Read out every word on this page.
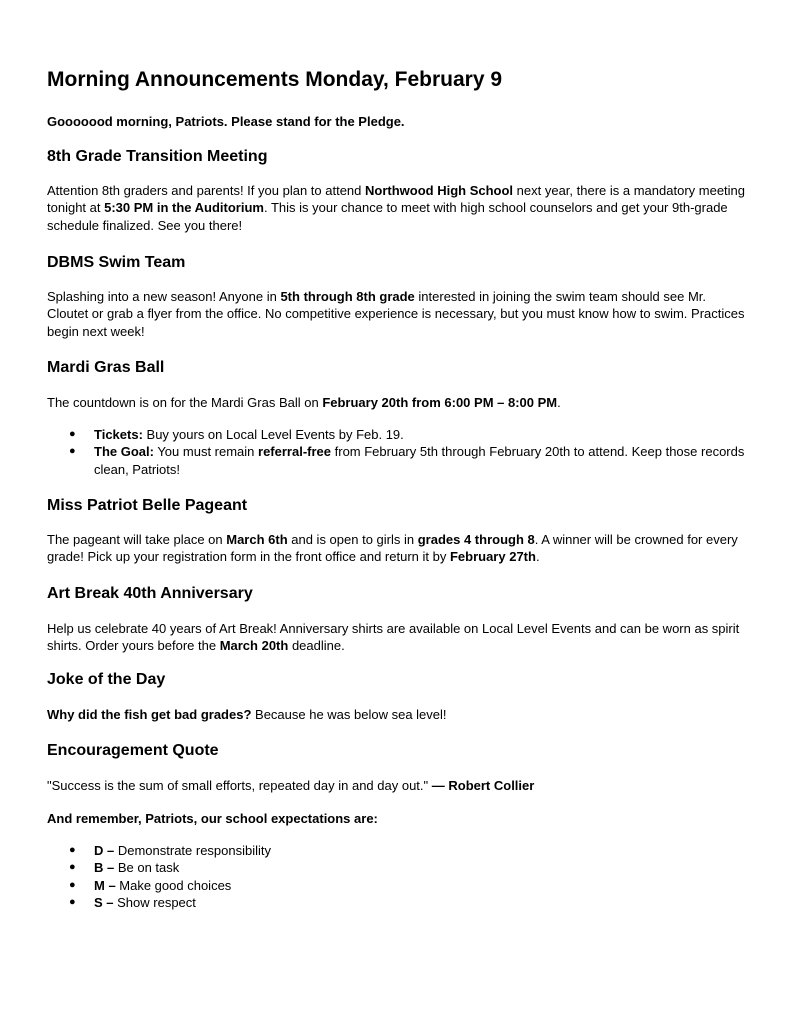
Morning Announcements Monday, February 9

Gooooood morning, Patriots. Please stand for the Pledge.

8th Grade Transition Meeting

Attention 8th graders and parents! If you plan to attend Northwood High School next year, there is a mandatory meeting tonight at 5:30 PM in the Auditorium. This is your chance to meet with high school counselors and get your 9th-grade schedule finalized. See you there!

DBMS Swim Team

Splashing into a new season! Anyone in 5th through 8th grade interested in joining the swim team should see Mr. Cloutet or grab a flyer from the office. No competitive experience is necessary, but you must know how to swim. Practices begin next week!

Mardi Gras Ball

The countdown is on for the Mardi Gras Ball on February 20th from 6:00 PM – 8:00 PM.

● Tickets: Buy yours on Local Level Events by Feb. 19.
● The Goal: You must remain referral-free from February 5th through February 20th to attend. Keep those records clean, Patriots!
Miss Patriot Belle Pageant

The pageant will take place on March 6th and is open to girls in grades 4 through 8. A winner will be crowned for every grade! Pick up your registration form in the front office and return it by February 27th.

Art Break 40th Anniversary

Help us celebrate 40 years of Art Break! Anniversary shirts are available on Local Level Events and can be worn as spirit shirts. Order yours before the March 20th deadline.

Joke of the Day

Why did the fish get bad grades? Because he was below sea level!

Encouragement Quote

"Success is the sum of small efforts, repeated day in and day out." — Robert Collier

And remember, Patriots, our school expectations are:

● D – Demonstrate responsibility
● B – Be on task
● M – Make good choices
● S – Show respect
